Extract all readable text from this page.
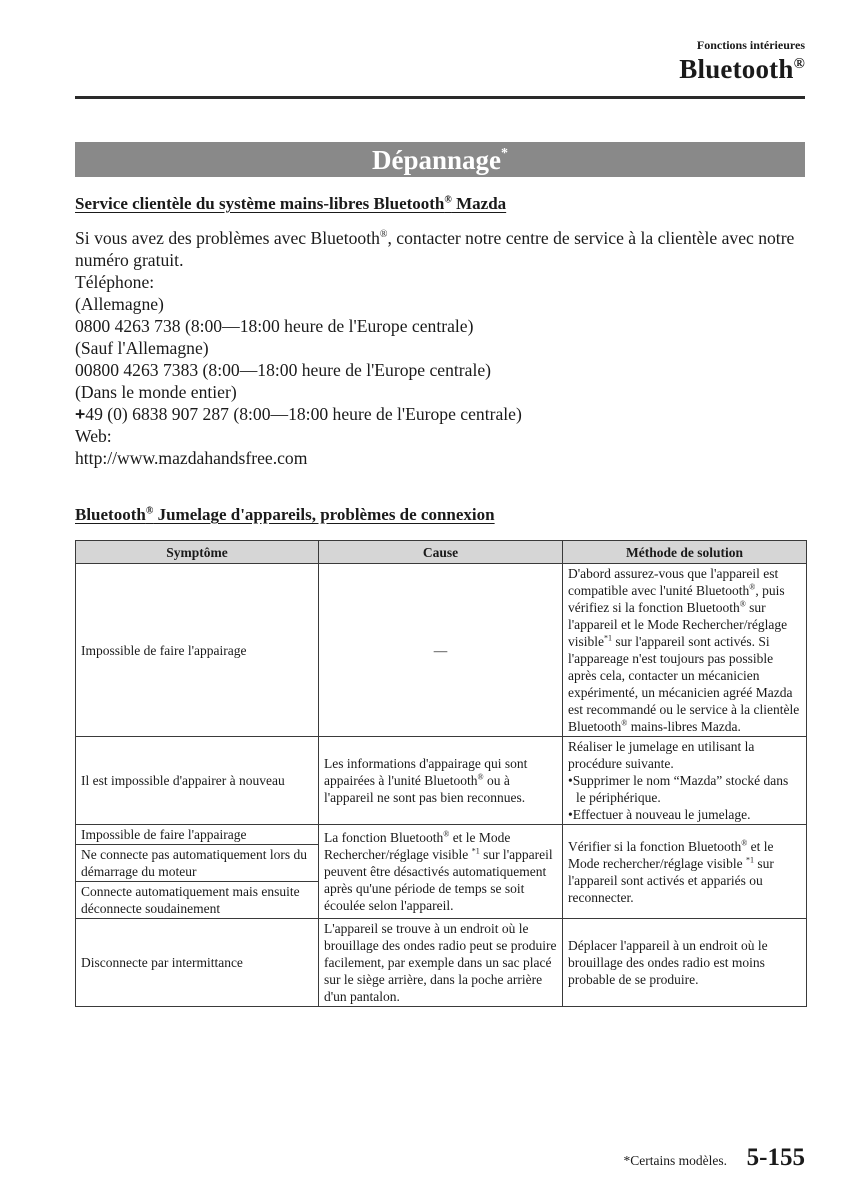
Fonctions intérieures
Bluetooth®
Dépannage*
Service clientèle du système mains-libres Bluetooth® Mazda

Si vous avez des problèmes avec Bluetooth®, contacter notre centre de service à la clientèle avec notre numéro gratuit.

Téléphone:

(Allemagne)

0800 4263 738 (8:00—18:00 heure de l'Europe centrale)

(Sauf l'Allemagne)

00800 4263 7383 (8:00—18:00 heure de l'Europe centrale)

(Dans le monde entier)

+49 (0) 6838 907 287 (8:00—18:00 heure de l'Europe centrale)

Web:

http://www.mazdahandsfree.com

Bluetooth® Jumelage d'appareils, problèmes de connexion
Symptôme	Cause	Méthode de solution
Impossible de faire l'appairage	—	D'abord assurez-vous que l'appareil est compatible avec l'unité Bluetooth®, puis vérifiez si la fonction Bluetooth® sur l'appareil et le Mode Rechercher/réglage visible$^{*1}$ sur l'appareil sont activés. Si l'appareage n'est toujours pas possible après cela, contacter un mécanicien expérimenté, un mécanicien agréé Mazda est recommandé ou le service à la clientèle Bluetooth® mains-libres Mazda.
Il est impossible d'appairer à nouveau	Les informations d'appairage qui sont appairées à l'unité Bluetooth® ou à l'appareil ne sont pas bien reconnues.	Réaliser le jumelage en utilisant la procédure suivante.
•Supprimer le nom “Mazda” stocké dans le périphérique.
•Effectuer à nouveau le jumelage.

Impossible de faire l'appairage	La fonction Bluetooth® et le Mode Rechercher/réglage visible $^{*1}$ sur l'appareil peuvent être désactivés automatiquement après qu'une période de temps se soit écoulée selon l'appareil.	Vérifier si la fonction Bluetooth® et le Mode rechercher/réglage visible $^{*1}$ sur l'appareil sont activés et appariés ou reconnecter.
Ne connecte pas automatiquement lors du démarrage du moteur		
Connecte automatiquement mais ensuite déconnecte soudainement		
Disconnecte par intermittance	L'appareil se trouve à un endroit où le brouillage des ondes radio peut se produire facilement, par exemple dans un sac placé sur le siège arrière, dans la poche arrière d'un pantalon.	Déplacer l'appareil à un endroit où le brouillage des ondes radio est moins probable de se produire.
*Certains modèles. 5-155
